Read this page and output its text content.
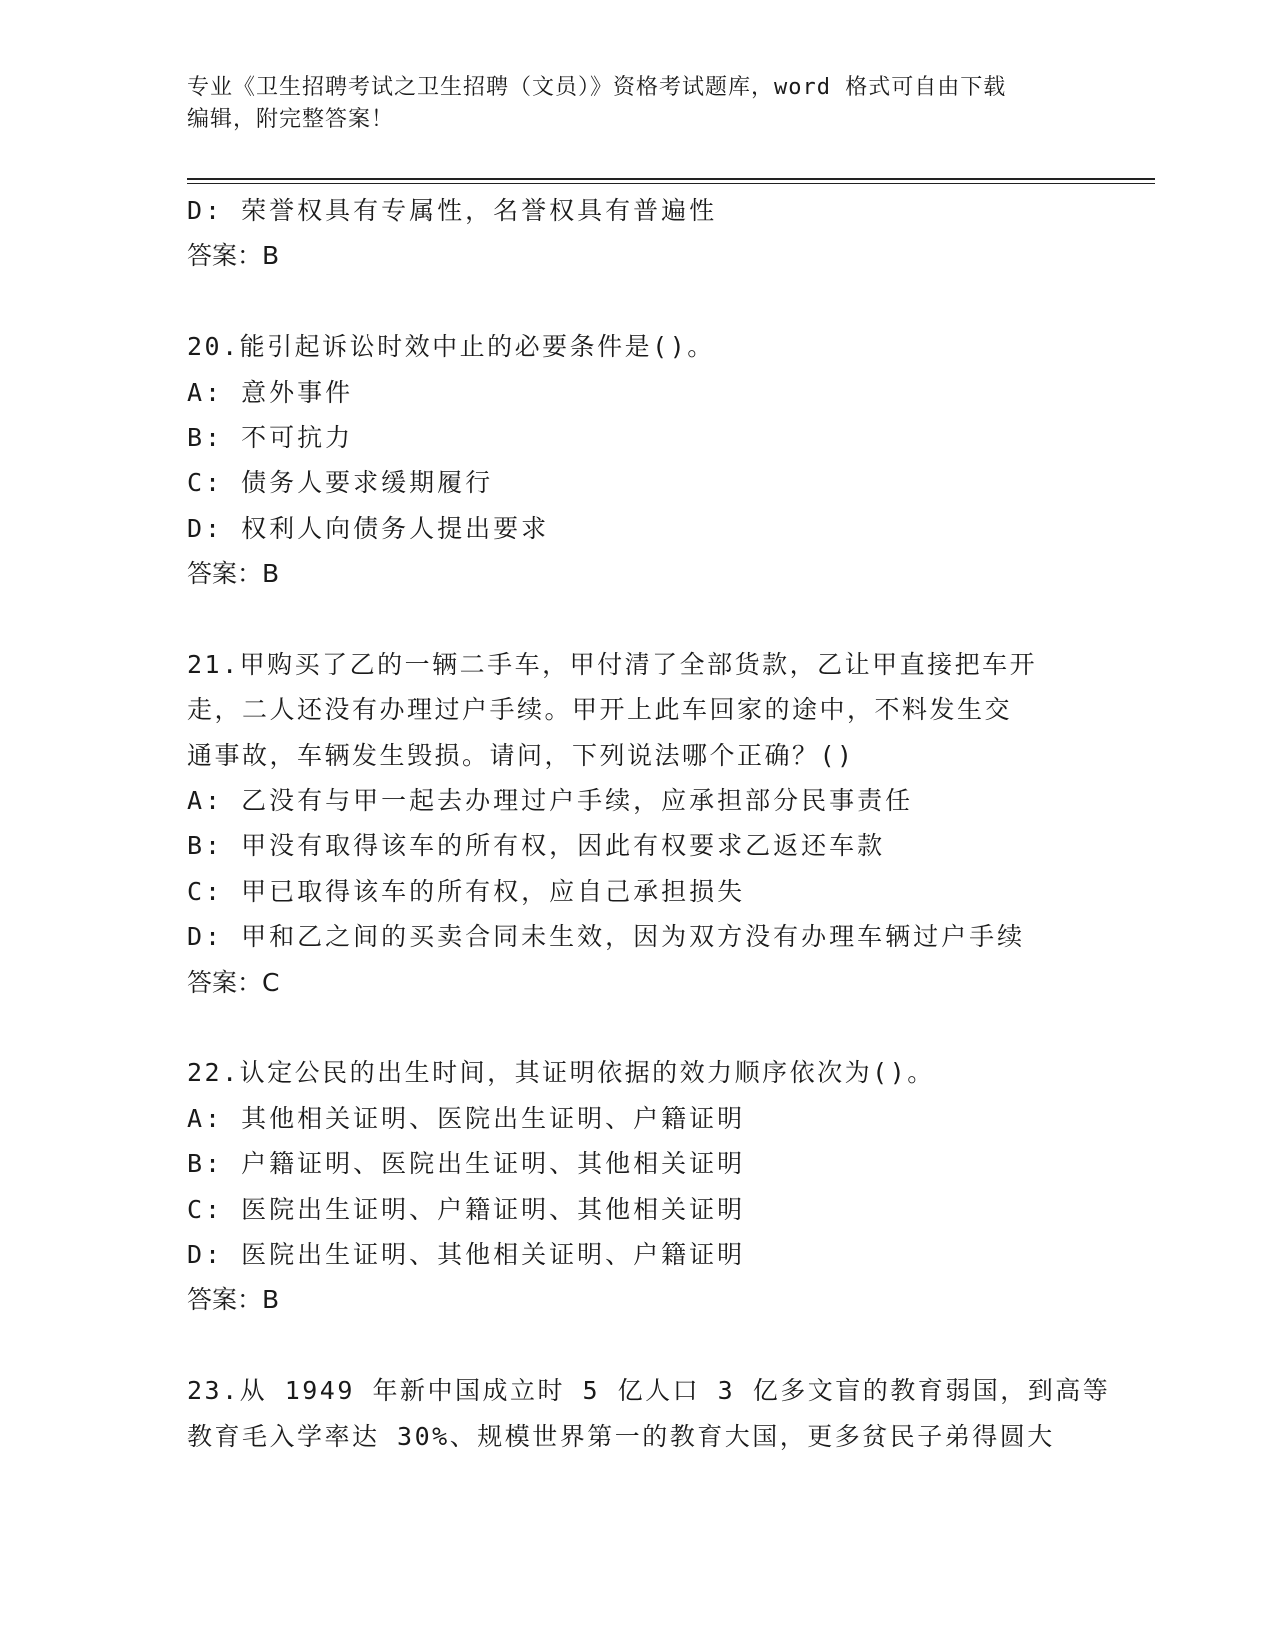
专业《卫生招聘考试之卫生招聘（文员）》资格考试题库，word 格式可自由下载
编辑，附完整答案！
D: 荣誉权具有专属性，名誉权具有普遍性
答案：B
20.能引起诉讼时效中止的必要条件是()。
A: 意外事件
B: 不可抗力
C: 债务人要求缓期履行
D: 权利人向债务人提出要求
答案：B
21.甲购买了乙的一辆二手车，甲付清了全部货款，乙让甲直接把车开
走，二人还没有办理过户手续。甲开上此车回家的途中，不料发生交
通事故，车辆发生毁损。请问，下列说法哪个正确？()
A: 乙没有与甲一起去办理过户手续，应承担部分民事责任
B: 甲没有取得该车的所有权，因此有权要求乙返还车款
C: 甲已取得该车的所有权，应自己承担损失
D: 甲和乙之间的买卖合同未生效，因为双方没有办理车辆过户手续
答案：C
22.认定公民的出生时间，其证明依据的效力顺序依次为()。
A: 其他相关证明、医院出生证明、户籍证明
B: 户籍证明、医院出生证明、其他相关证明
C: 医院出生证明、户籍证明、其他相关证明
D: 医院出生证明、其他相关证明、户籍证明
答案：B
23.从 1949 年新中国成立时 5 亿人口 3 亿多文盲的教育弱国，到高等
教育毛入学率达 30%、规模世界第一的教育大国，更多贫民子弟得圆大
